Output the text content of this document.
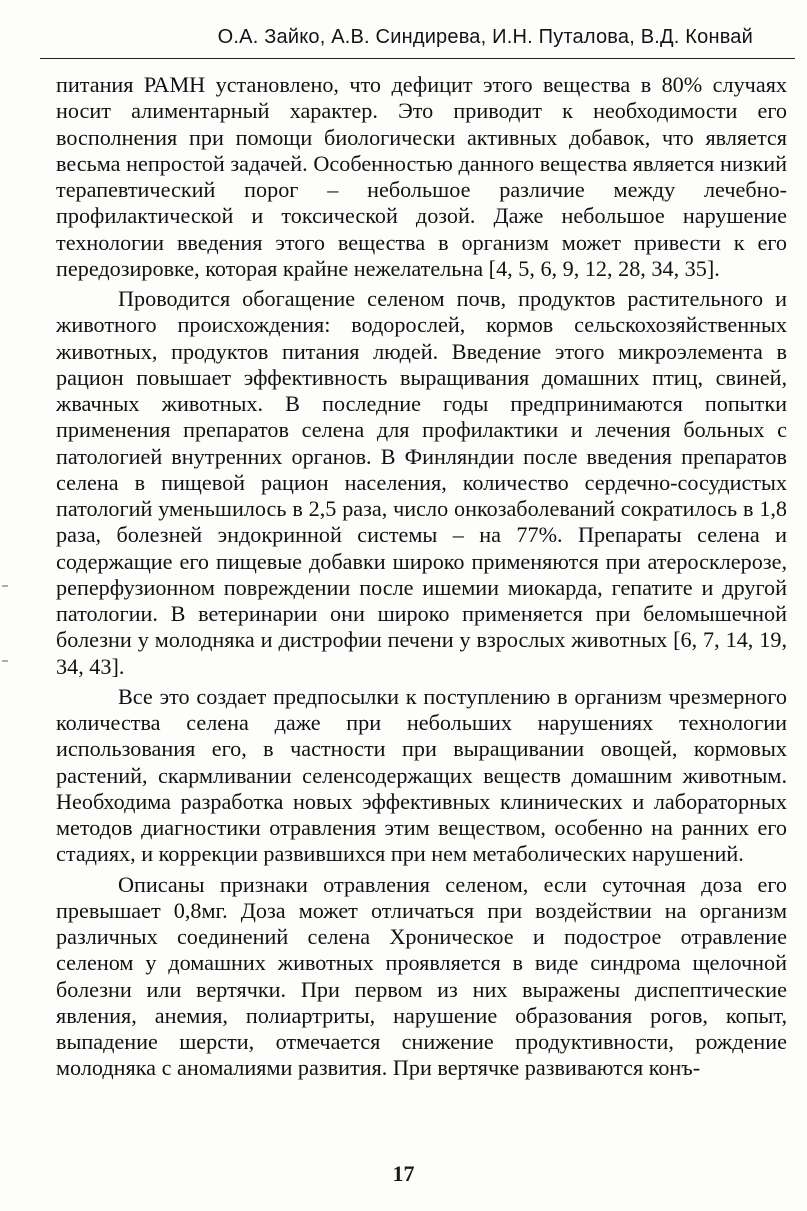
О.А. Зайко, А.В. Синдирева, И.Н. Путалова, В.Д. Конвай

питания РАМН установлено, что дефицит этого вещества в 80% случаях носит алиментарный характер. Это приводит к необходимости его восполнения при помощи биологически активных добавок, что является весьма непростой задачей. Особенностью данного вещества является низкий терапевтический порог – небольшое различие между лечебно-профилактической и токсической дозой. Даже небольшое нарушение технологии введения этого вещества в организм может привести к его передозировке, которая крайне нежелательна [4, 5, 6, 9, 12, 28, 34, 35].

Проводится обогащение селеном почв, продуктов растительного и животного происхождения: водорослей, кормов сельскохозяйственных животных, продуктов питания людей. Введение этого микроэлемента в рацион повышает эффективность выращивания домашних птиц, свиней, жвачных животных. В последние годы предпринимаются попытки применения препаратов селена для профилактики и лечения больных с патологией внутренних органов. В Финляндии после введения препаратов селена в пищевой рацион населения, количество сердечно-сосудистых патологий уменьшилось в 2,5 раза, число онкозаболеваний сократилось в 1,8 раза, болезней эндокринной системы – на 77%. Препараты селена и содержащие его пищевые добавки широко применяются при атеросклерозе, реперфузионном повреждении после ишемии миокарда, гепатите и другой патологии. В ветеринарии они широко применяется при беломышечной болезни у молодняка и дистрофии печени у взрослых животных [6, 7, 14, 19, 34, 43].

Все это создает предпосылки к поступлению в организм чрезмерного количества селена даже при небольших нарушениях технологии использования его, в частности при выращивании овощей, кормовых растений, скармливании селенсодержащих веществ домашним животным. Необходима разработка новых эффективных клинических и лабораторных методов диагностики отравления этим веществом, особенно на ранних его стадиях, и коррекции развившихся при нем метаболических нарушений.

Описаны признаки отравления селеном, если суточная доза его превышает 0,8мг. Доза может отличаться при воздействии на организм различных соединений селена Хроническое и подострое отравление селеном у домашних животных проявляется в виде синдрома щелочной болезни или вертячки. При первом из них выражены диспептические явления, анемия, полиартриты, нарушение образования рогов, копыт, выпадение шерсти, отмечается снижение продуктивности, рождение молодняка с аномалиями развития. При вертячке развиваются конъ-

17
